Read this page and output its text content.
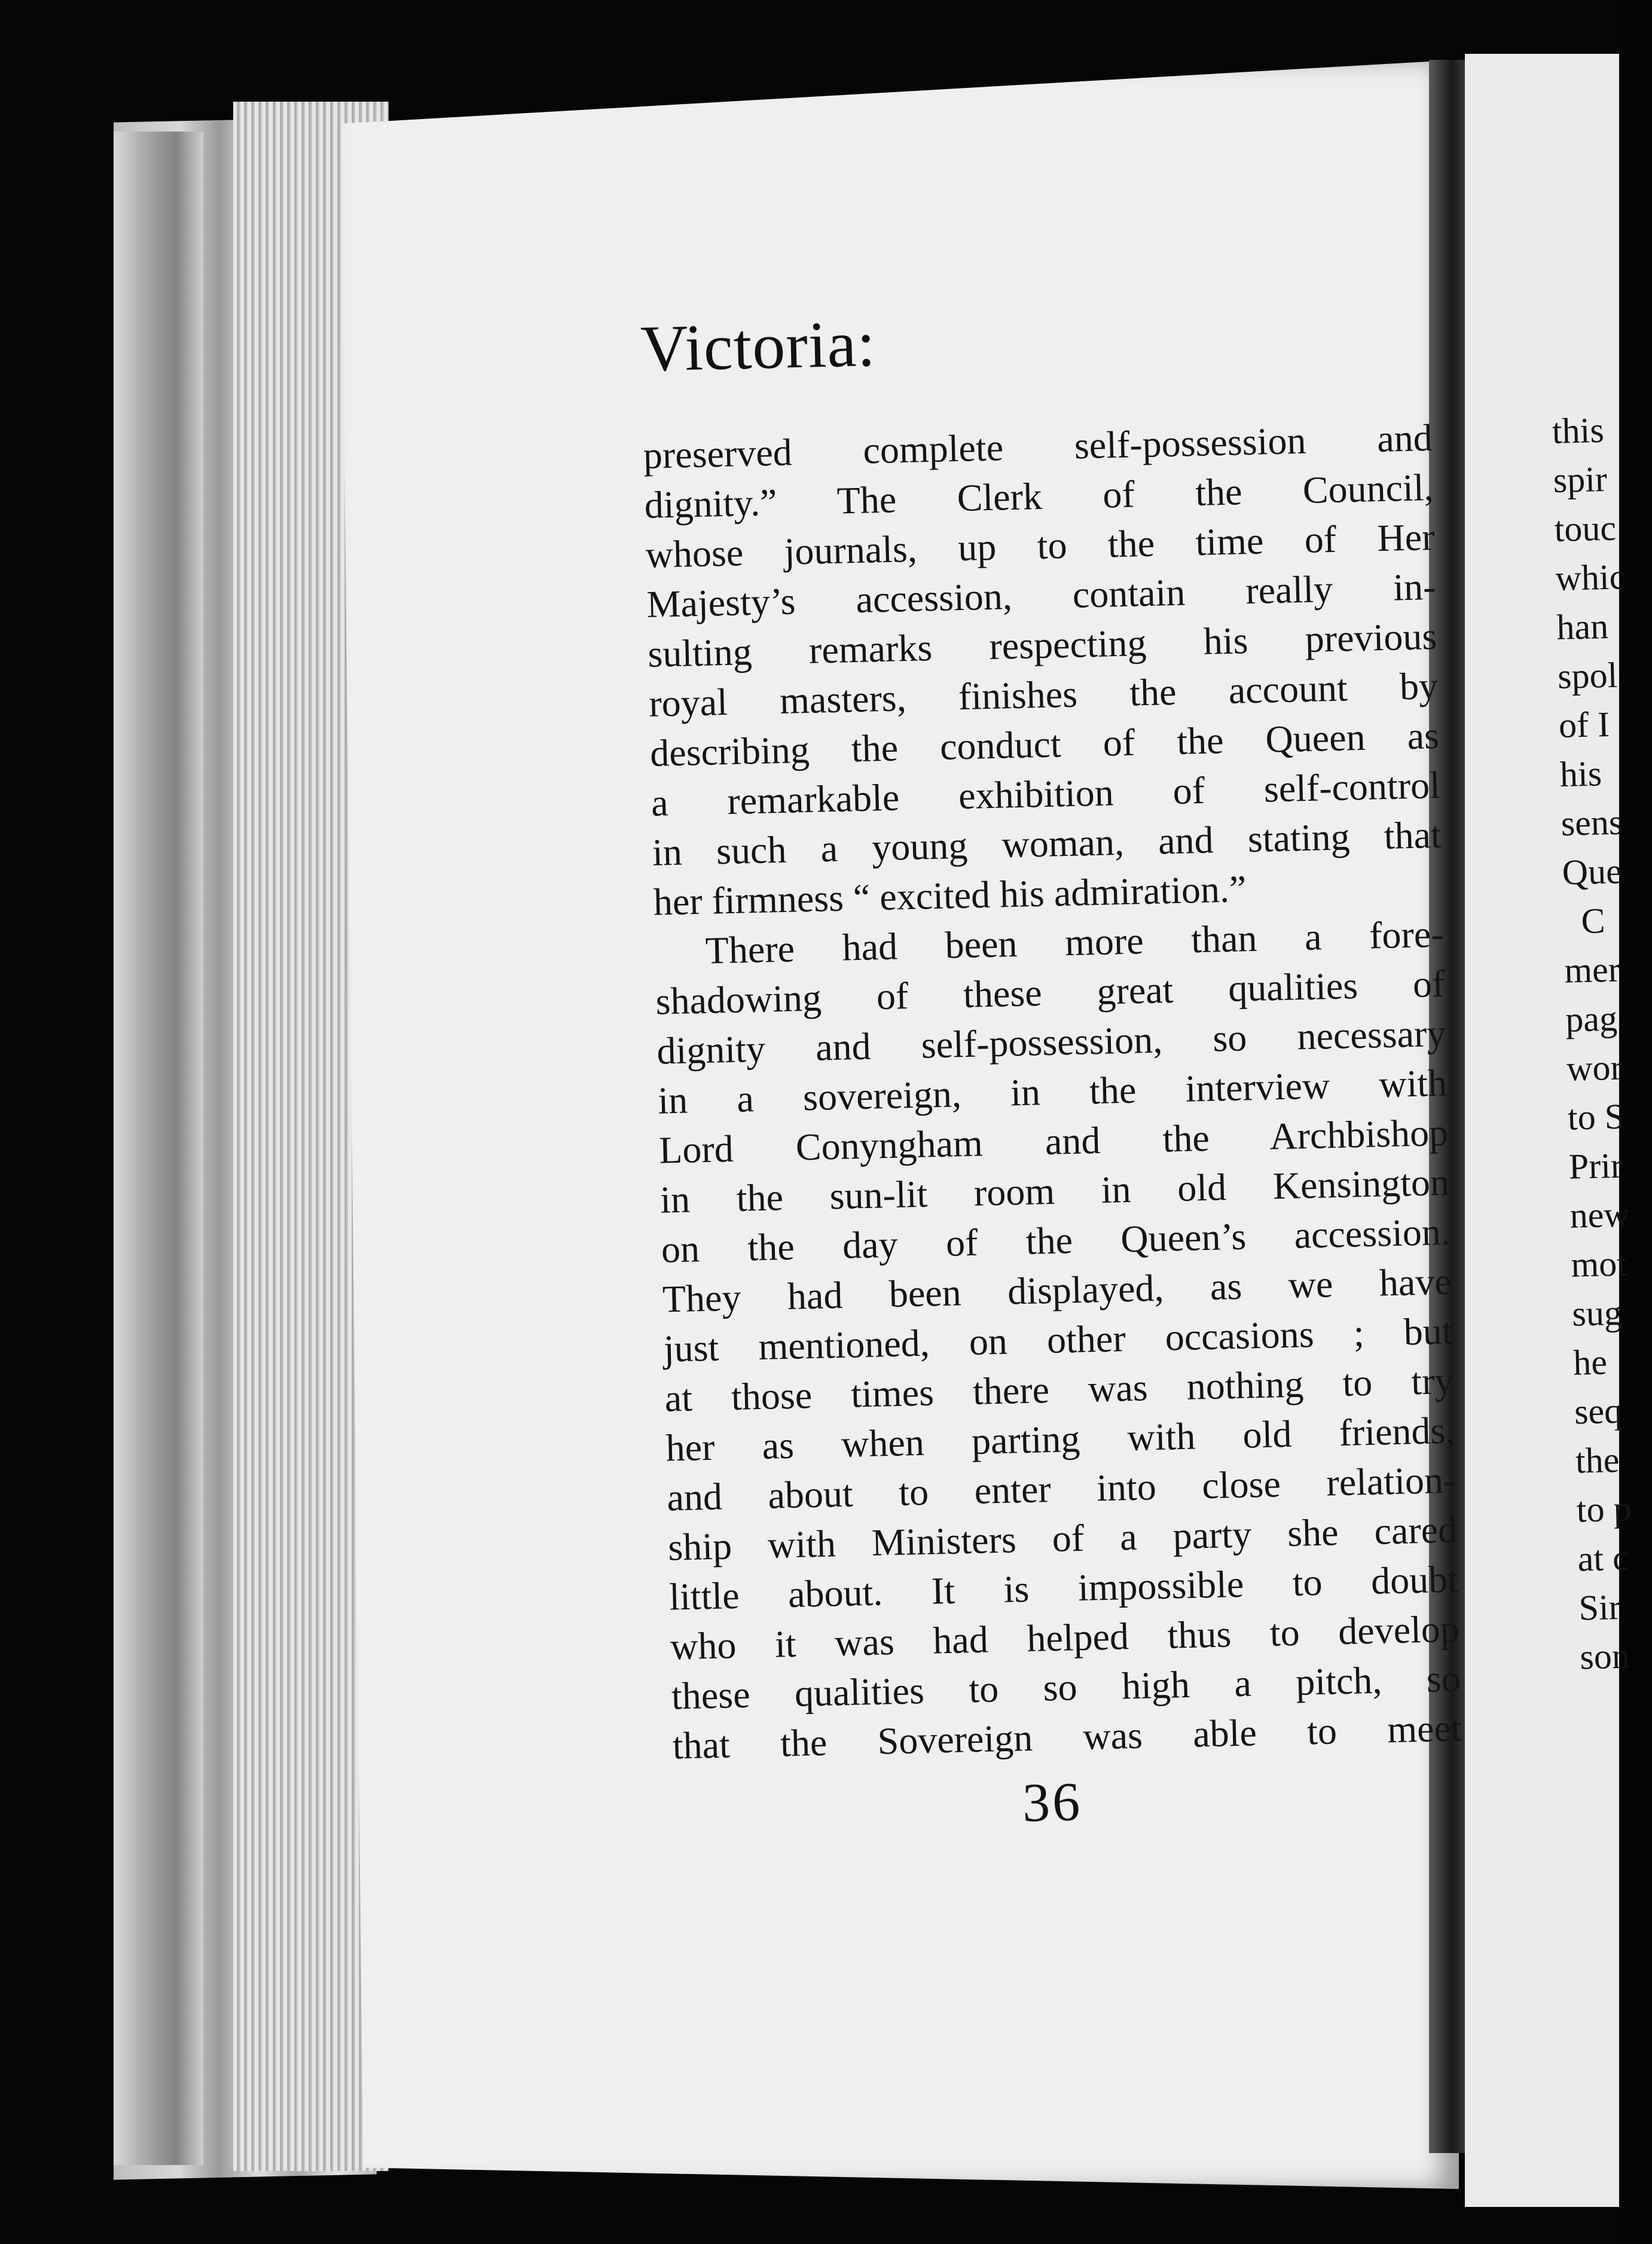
Victoria:
preserved complete self-possession and
dignity.” The Clerk of the Council,
whose journals, up to the time of Her
Majesty’s accession, contain really in-
sulting remarks respecting his previous
royal masters, finishes the account by
describing the conduct of the Queen as
a remarkable exhibition of self-control
in such a young woman, and stating that
her firmness “ excited his admiration.”
There had been more than a fore-
shadowing of these great qualities of
dignity and self-possession, so necessary
in a sovereign, in the interview with
Lord Conyngham and the Archbishop
in the sun-lit room in old Kensington
on the day of the Queen’s accession.
They had been displayed, as we have
just mentioned, on other occasions ; but
at those times there was nothing to try
her as when parting with old friends,
and about to enter into close relation-
ship with Ministers of a party she cared
little about. It is impossible to doubt
who it was had helped thus to develop
these qualities to so high a pitch, so
that the Sovereign was able to meet
36
this
spir
touc
whic
han
spol
of I
his
sens
Que
C
mer
pag
wor
to S
Prir
new
mot
sug
he
seq
the
to p
at c
Sir
son
